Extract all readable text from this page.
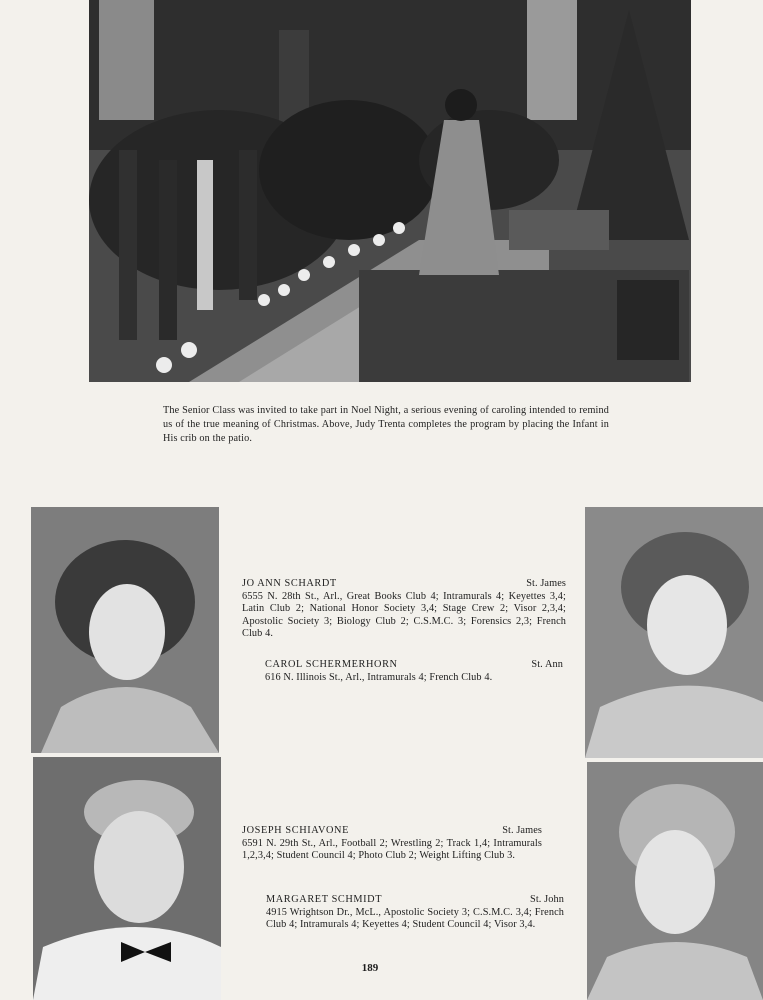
The Senior Class was invited to take part in Noel Night, a serious evening of caroling intended to remind us of the true meaning of Christmas. Above, Judy Trenta completes the program by placing the Infant in His crib on the patio.

JO ANN SCHARDT	St. James
6555 N. 28th St., Arl., Great Books Club 4; Intramurals 4; Keyettes 3,4; Latin Club 2; National Honor Society 3,4; Stage Crew 2; Visor 2,3,4; Apostolic Society 3; Biology Club 2; C.S.M.C. 3; Forensics 2,3; French Club 4.
CAROL SCHERMERHORN	St. Ann
616 N. Illinois St., Arl., Intramurals 4; French Club 4.
JOSEPH SCHIAVONE	St. James
6591 N. 29th St., Arl., Football 2; Wrestling 2; Track 1,4; Intramurals 1,2,3,4; Student Council 4; Photo Club 2; Weight Lifting Club 3.
MARGARET SCHMIDT	St. John
4915 Wrightson Dr., McL., Apostolic Society 3; C.S.M.C. 3,4; French Club 4; Intramurals 4; Keyettes 4; Student Council 4; Visor 3,4.
189
